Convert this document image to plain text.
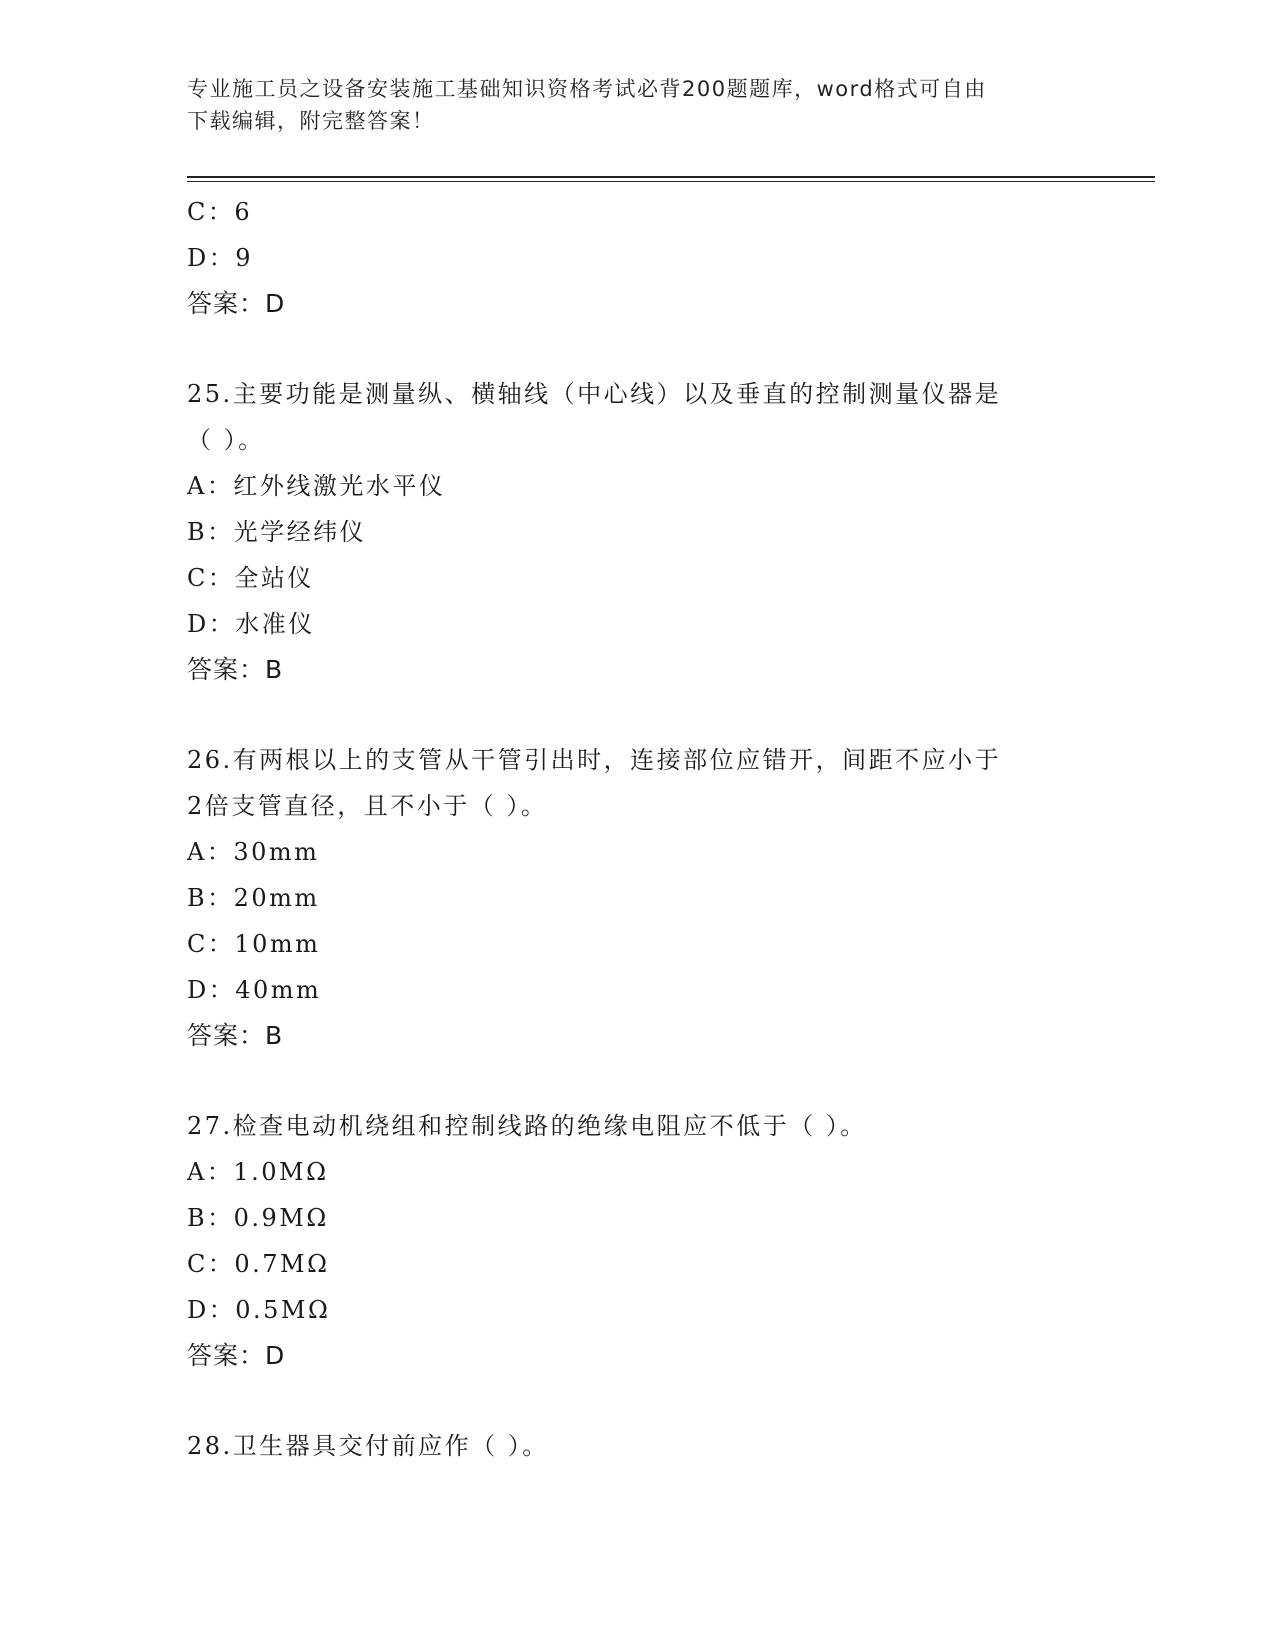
专业施工员之设备安装施工基础知识资格考试必背200题题库，word格式可自由
下载编辑，附完整答案！
C：6
D：9
答案：D
25.主要功能是测量纵、横轴线（中心线）以及垂直的控制测量仪器是
（ ）。
A：红外线激光水平仪
B：光学经纬仪
C：全站仪
D：水准仪
答案：B
26.有两根以上的支管从干管引出时，连接部位应错开，间距不应小于
2倍支管直径，且不小于（ ）。
A：30mm
B：20mm
C：10mm
D：40mm
答案：B
27.检查电动机绕组和控制线路的绝缘电阻应不低于（ ）。
A：1.0MΩ
B：0.9MΩ
C：0.7MΩ
D：0.5MΩ
答案：D
28.卫生器具交付前应作（ ）。
